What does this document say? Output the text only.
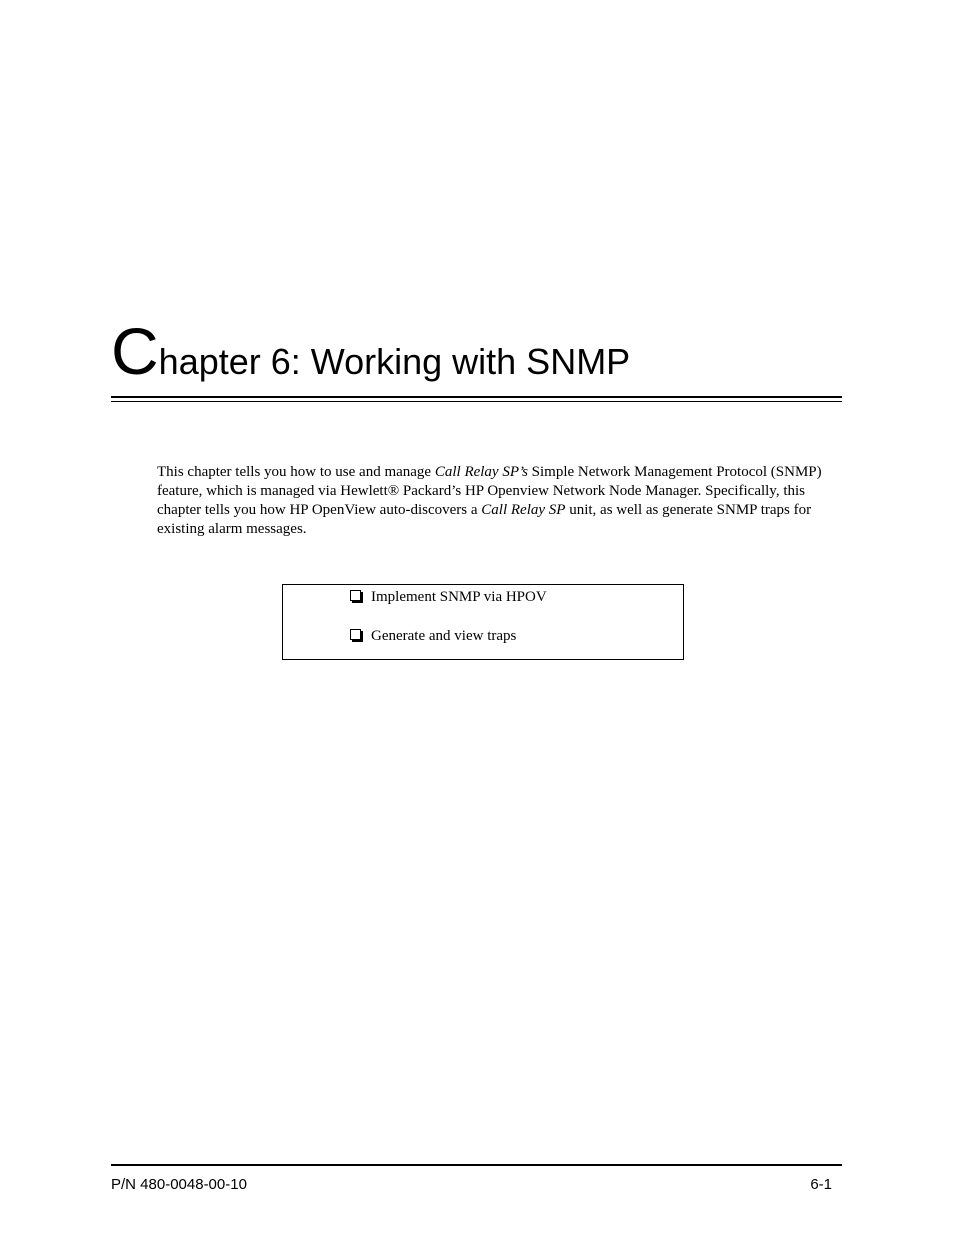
Chapter 6: Working with SNMP

This chapter tells you how to use and manage Call Relay SP’s Simple Network Management Protocol (SNMP) feature, which is managed via Hewlett® Packard’s HP Openview Network Node Manager. Specifically, this chapter tells you how HP OpenView auto-discovers a Call Relay SP unit, as well as generate SNMP traps for existing alarm messages.

Implement SNMP via HPOV
Generate and view traps
P/N 480-0048-00-10	6-1
